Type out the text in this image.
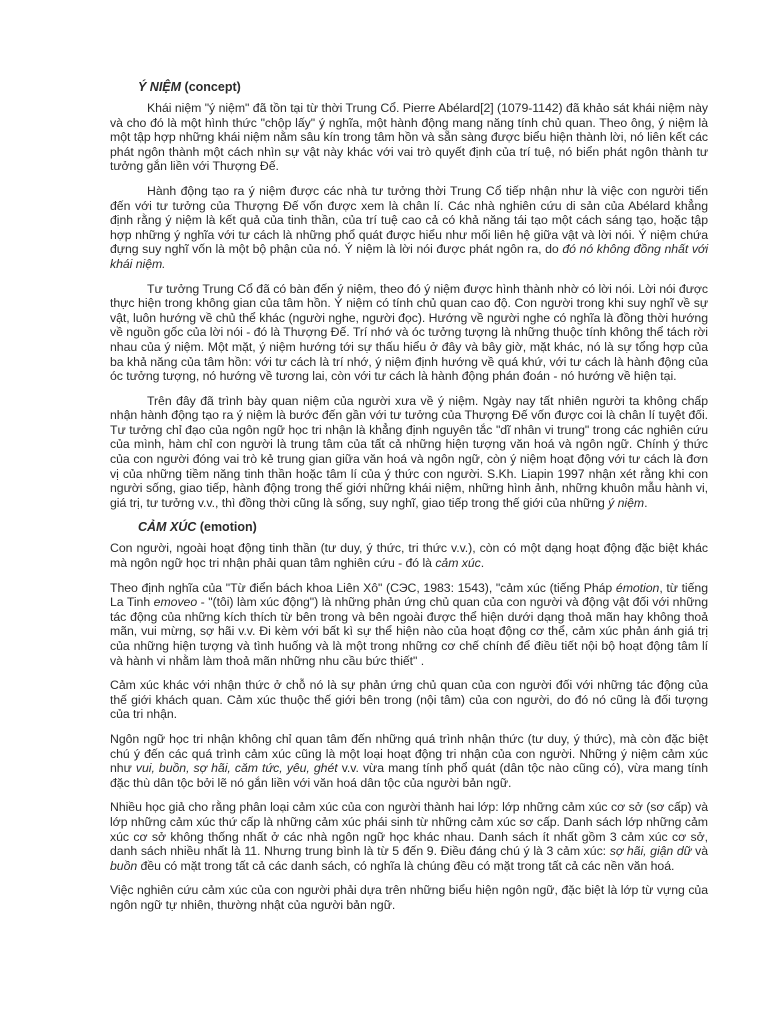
Ý NIỆM (concept)

Khái niệm "ý niệm" đã tồn tại từ thời Trung Cổ. Pierre Abélard[2] (1079-1142) đã khảo sát khái niệm này và cho đó là một hình thức "chộp lấy" ý nghĩa, một hành động mang năng tính chủ quan. Theo ông, ý niệm là một tập hợp những khái niệm nằm sâu kín trong tâm hồn và sẵn sàng được biểu hiện thành lời, nó liên kết các phát ngôn thành một cách nhìn sự vật này khác với vai trò quyết định của trí tuệ, nó biển phát ngôn thành tư tưởng gắn liền với Thượng Đế.

Hành động tạo ra ý niệm được các nhà tư tưởng thời Trung Cổ tiếp nhận như là việc con người tiến đến với tư tưởng của Thượng Đế vốn được xem là chân lí. Các nhà nghiên cứu di sản của Abélard khẳng định rằng ý niệm là kết quả của tinh thần, của trí tuệ cao cả có khả năng tái tạo một cách sáng tạo, hoặc tập hợp những ý nghĩa với tư cách là những phổ quát được hiểu như mối liên hệ giữa vật và lời nói. Ý niệm chứa đựng suy nghĩ vốn là một bộ phận của nó. Ý niệm là lời nói được phát ngôn ra, do đó nó không đồng nhất với khái niệm.

Tư tưởng Trung Cổ đã có bàn đến ý niệm, theo đó ý niệm được hình thành nhờ có lời nói. Lời nói được thực hiện trong không gian của tâm hồn. Ý niệm có tính chủ quan cao độ. Con người trong khi suy nghĩ về sự vật, luôn hướng về chủ thể khác (người nghe, người đọc). Hướng về người nghe có nghĩa là đồng thời hướng về nguồn gốc của lời nói - đó là Thượng Đế. Trí nhớ và óc tưởng tượng là những thuộc tính không thể tách rời nhau của ý niệm. Một mặt, ý niệm hướng tới sự thấu hiểu ở đây và bây giờ, mặt khác, nó là sự tổng hợp của ba khả năng của tâm hồn: với tư cách là trí nhớ, ý niệm định hướng về quá khứ, với tư cách là hành động của óc tưởng tượng, nó hướng về tương lai, còn với tư cách là hành động phán đoán - nó hướng về hiện tại.

Trên đây đã trình bày quan niệm của người xưa về ý niệm. Ngày nay tất nhiên người ta không chấp nhận hành động tạo ra ý niệm là bước đến gần với tư tưởng của Thượng Đế vốn được coi là chân lí tuyệt đối. Tư tưởng chỉ đạo của ngôn ngữ học tri nhận là khẳng định nguyên tắc "dĩ nhân vi trung" trong các nghiên cứu của mình, hàm chỉ con người là trung tâm của tất cả những hiện tượng văn hoá và ngôn ngữ. Chính ý thức của con người đóng vai trò kẻ trung gian giữa văn hoá và ngôn ngữ, còn ý niệm hoạt động với tư cách là đơn vị của những tiềm năng tinh thần hoặc tâm lí của ý thức con người. S.Kh. Liapin 1997 nhận xét rằng khi con người sống, giao tiếp, hành động trong thế giới những khái niệm, những hình ảnh, những khuôn mẫu hành vi, giá trị, tư tưởng v.v., thì đồng thời cũng là sống, suy nghĩ, giao tiếp trong thế giới của những ý niệm.

CẢM XÚC (emotion)

Con người, ngoài hoạt động tinh thần (tư duy, ý thức, tri thức v.v.), còn có một dạng hoạt động đặc biệt khác mà ngôn ngữ học tri nhận phải quan tâm nghiên cứu - đó là cảm xúc.

Theo định nghĩa của "Từ điển bách khoa Liên Xô" (СЭС, 1983: 1543), "cảm xúc (tiếng Pháp émotion, từ tiếng La Tinh emoveo - "(tôi) làm xúc động") là những phản ứng chủ quan của con người và động vật đối với những tác động của những kích thích từ bên trong và bên ngoài được thể hiện dưới dạng thoả mãn hay không thoả mãn, vui mừng, sợ hãi v.v. Đi kèm với bất kì sự thể hiện nào của hoạt động cơ thể, cảm xúc phản ánh giá trị của những hiện tượng và tình huống và là một trong những cơ chế chính để điều tiết nội bộ hoạt động tâm lí và hành vi nhằm làm thoả mãn những nhu cầu bức thiết" .

Cảm xúc khác với nhận thức ở chỗ nó là sự phản ứng chủ quan của con người đối với những tác động của thế giới khách quan. Cảm xúc thuộc thế giới bên trong (nội tâm) của con người, do đó nó cũng là đối tượng của tri nhận.

Ngôn ngữ học tri nhận không chỉ quan tâm đến những quá trình nhận thức (tư duy, ý thức), mà còn đặc biệt chú ý đến các quá trình cảm xúc cũng là một loại hoạt động tri nhận của con người. Những ý niệm cảm xúc như vui, buồn, sợ hãi, căm tức, yêu, ghét v.v. vừa mang tính phổ quát (dân tộc nào cũng có), vừa mang tính đặc thù dân tộc bởi lẽ nó gắn liền với văn hoá dân tộc của người bản ngữ.

Nhiều học giả cho rằng phân loại cảm xúc của con người thành hai lớp: lớp những cảm xúc cơ sở (sơ cấp) và lớp những cảm xúc thứ cấp là những cảm xúc phái sinh từ những cảm xúc sơ cấp. Danh sách lớp những cảm xúc cơ sở không thống nhất ở các nhà ngôn ngữ học khác nhau. Danh sách ít nhất gồm 3 cảm xúc cơ sở, danh sách nhiều nhất là 11. Nhưng trung bình là từ 5 đến 9. Điều đáng chú ý là 3 cảm xúc: sợ hãi, giận dữ và buồn đều có mặt trong tất cả các danh sách, có nghĩa là chúng đều có mặt trong tất cả các nền văn hoá.

Việc nghiên cứu cảm xúc của con người phải dựa trên những biểu hiện ngôn ngữ, đặc biệt là lớp từ vựng của ngôn ngữ tự nhiên, thường nhật của người bản ngữ.
